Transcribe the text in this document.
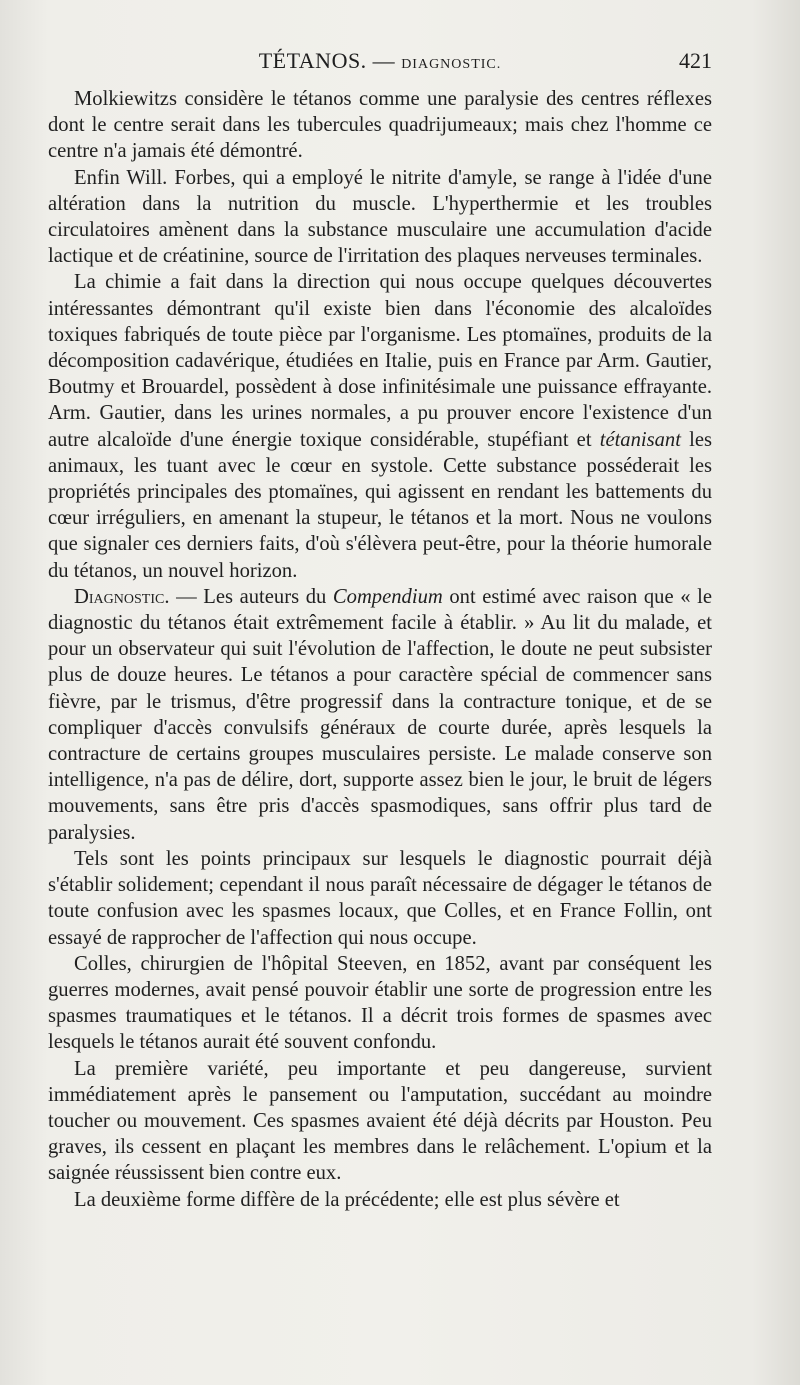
TÉTANOS. — DIAGNOSTIC.	421

Molkiewitzs considère le tétanos comme une paralysie des centres réflexes dont le centre serait dans les tubercules quadrijumeaux; mais chez l'homme ce centre n'a jamais été démontré.

Enfin Will. Forbes, qui a employé le nitrite d'amyle, se range à l'idée d'une altération dans la nutrition du muscle. L'hyperthermie et les troubles circulatoires amènent dans la substance musculaire une accumulation d'acide lactique et de créatinine, source de l'irritation des plaques nerveuses terminales.

La chimie a fait dans la direction qui nous occupe quelques découvertes intéressantes démontrant qu'il existe bien dans l'économie des alcaloïdes toxiques fabriqués de toute pièce par l'organisme. Les ptomaïnes, produits de la décomposition cadavérique, étudiées en Italie, puis en France par Arm. Gautier, Boutmy et Brouardel, possèdent à dose infinitésimale une puissance effrayante. Arm. Gautier, dans les urines normales, a pu prouver encore l'existence d'un autre alcaloïde d'une énergie toxique considérable, stupéfiant et tétanisant les animaux, les tuant avec le cœur en systole. Cette substance posséderait les propriétés principales des ptomaïnes, qui agissent en rendant les battements du cœur irréguliers, en amenant la stupeur, le tétanos et la mort. Nous ne voulons que signaler ces derniers faits, d'où s'élèvera peut-être, pour la théorie humorale du tétanos, un nouvel horizon.

Diagnostic. — Les auteurs du Compendium ont estimé avec raison que « le diagnostic du tétanos était extrêmement facile à établir. » Au lit du malade, et pour un observateur qui suit l'évolution de l'affection, le doute ne peut subsister plus de douze heures. Le tétanos a pour caractère spécial de commencer sans fièvre, par le trismus, d'être progressif dans la contracture tonique, et de se compliquer d'accès convulsifs généraux de courte durée, après lesquels la contracture de certains groupes musculaires persiste. Le malade conserve son intelligence, n'a pas de délire, dort, supporte assez bien le jour, le bruit de légers mouvements, sans être pris d'accès spasmodiques, sans offrir plus tard de paralysies.

Tels sont les points principaux sur lesquels le diagnostic pourrait déjà s'établir solidement; cependant il nous paraît nécessaire de dégager le tétanos de toute confusion avec les spasmes locaux, que Colles, et en France Follin, ont essayé de rapprocher de l'affection qui nous occupe.

Colles, chirurgien de l'hôpital Steeven, en 1852, avant par conséquent les guerres modernes, avait pensé pouvoir établir une sorte de progression entre les spasmes traumatiques et le tétanos. Il a décrit trois formes de spasmes avec lesquels le tétanos aurait été souvent confondu.

La première variété, peu importante et peu dangereuse, survient immédiatement après le pansement ou l'amputation, succédant au moindre toucher ou mouvement. Ces spasmes avaient été déjà décrits par Houston. Peu graves, ils cessent en plaçant les membres dans le relâchement. L'opium et la saignée réussissent bien contre eux.

La deuxième forme diffère de la précédente; elle est plus sévère et
